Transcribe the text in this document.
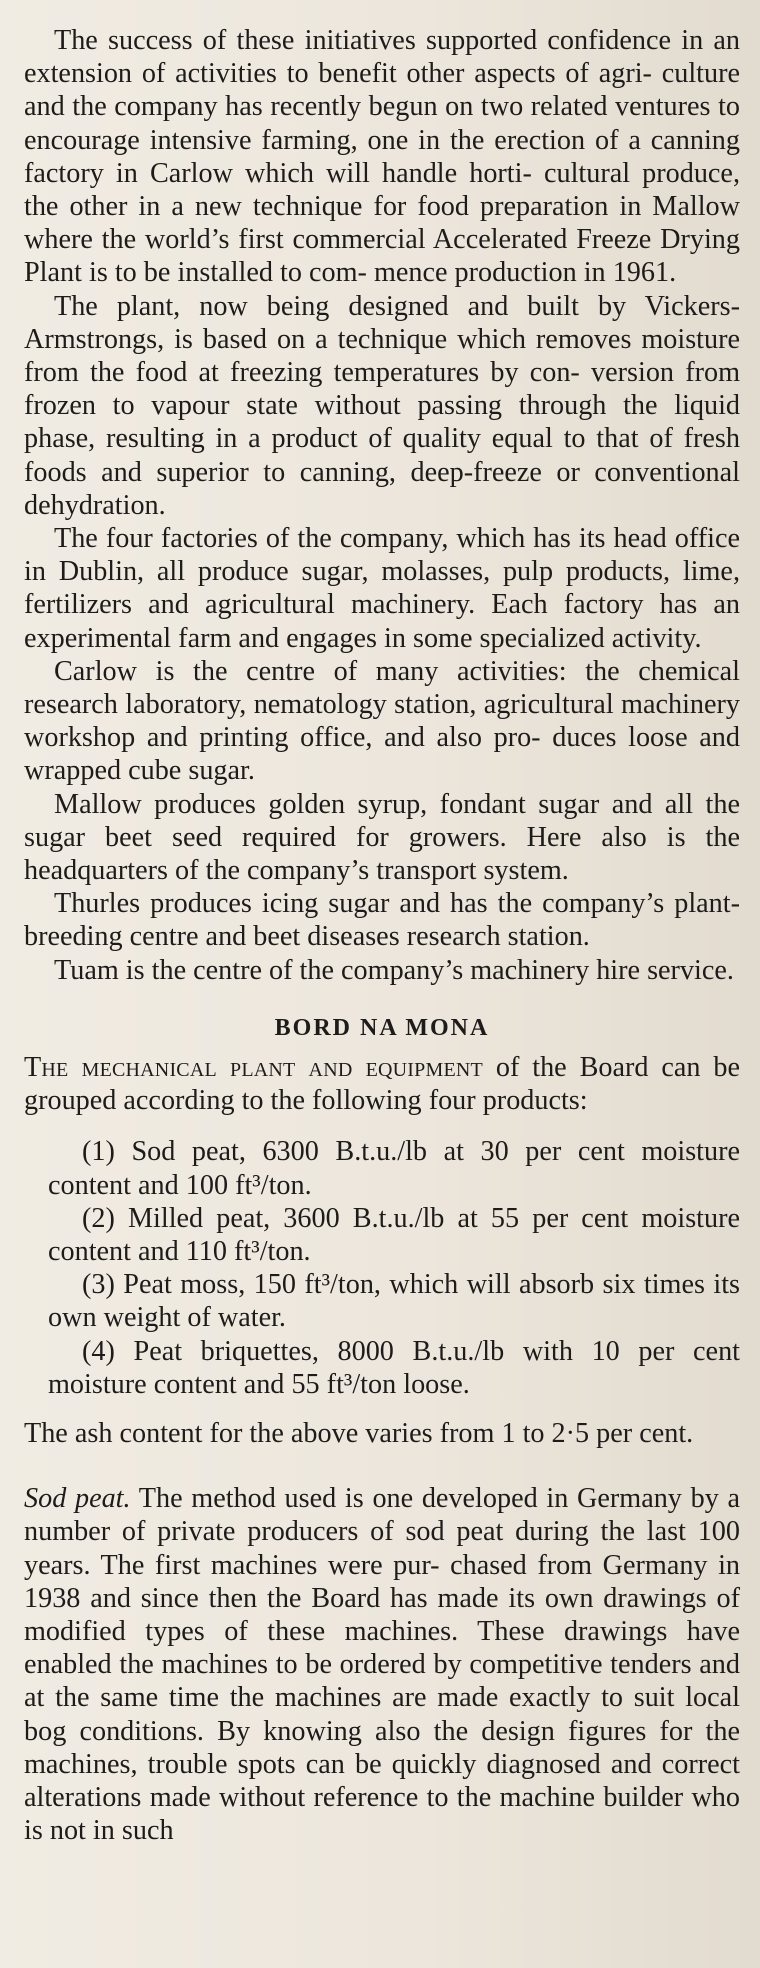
The success of these initiatives supported confidence in an extension of activities to benefit other aspects of agri- culture and the company has recently begun on two related ventures to encourage intensive farming, one in the erection of a canning factory in Carlow which will handle horti- cultural produce, the other in a new technique for food preparation in Mallow where the world’s first commercial Accelerated Freeze Drying Plant is to be installed to com- mence production in 1961.

The plant, now being designed and built by Vickers- Armstrongs, is based on a technique which removes moisture from the food at freezing temperatures by con- version from frozen to vapour state without passing through the liquid phase, resulting in a product of quality equal to that of fresh foods and superior to canning, deep-freeze or conventional dehydration.

The four factories of the company, which has its head office in Dublin, all produce sugar, molasses, pulp products, lime, fertilizers and agricultural machinery. Each factory has an experimental farm and engages in some specialized activity.

Carlow is the centre of many activities: the chemical research laboratory, nematology station, agricultural machinery workshop and printing office, and also pro- duces loose and wrapped cube sugar.

Mallow produces golden syrup, fondant sugar and all the sugar beet seed required for growers. Here also is the headquarters of the company’s transport system.

Thurles produces icing sugar and has the company’s plant-breeding centre and beet diseases research station.

Tuam is the centre of the company’s machinery hire service.

BORD NA MONA

The mechanical plant and equipment of the Board can be grouped according to the following four products:

(1) Sod peat, 6300 B.t.u./lb at 30 per cent moisture content and 100 ft³/ton.

(2) Milled peat, 3600 B.t.u./lb at 55 per cent moisture content and 110 ft³/ton.

(3) Peat moss, 150 ft³/ton, which will absorb six times its own weight of water.

(4) Peat briquettes, 8000 B.t.u./lb with 10 per cent moisture content and 55 ft³/ton loose.

The ash content for the above varies from 1 to 2·5 per cent.

Sod peat. The method used is one developed in Germany by a number of private producers of sod peat during the last 100 years. The first machines were pur- chased from Germany in 1938 and since then the Board has made its own drawings of modified types of these machines. These drawings have enabled the machines to be ordered by competitive tenders and at the same time the machines are made exactly to suit local bog conditions. By knowing also the design figures for the machines, trouble spots can be quickly diagnosed and correct alterations made without reference to the machine builder who is not in such
